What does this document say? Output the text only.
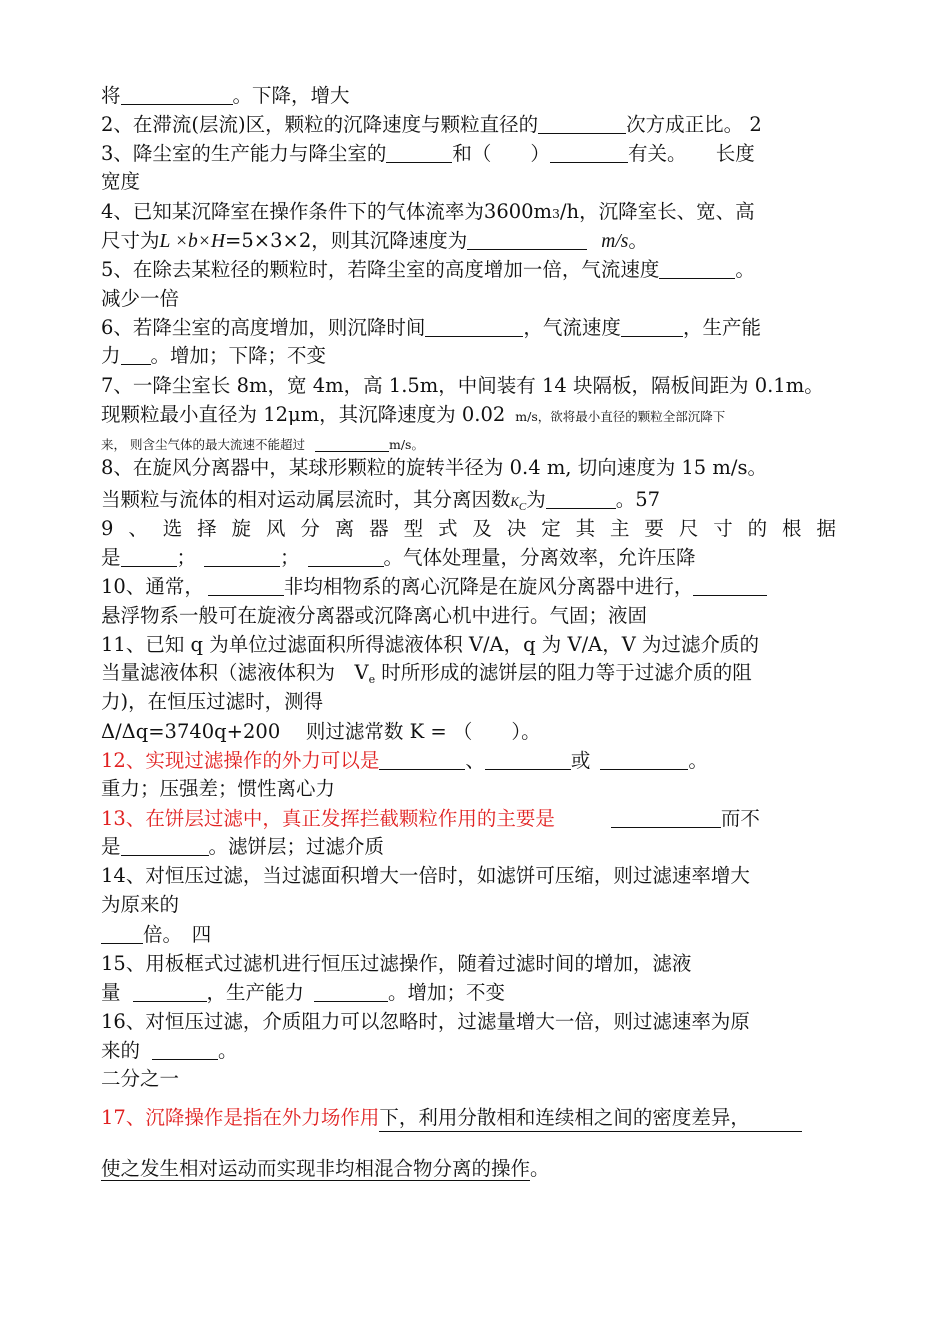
将	。下降，增大
2、在滞流(层流)区，颗粒的沉降速度与颗粒直径的	次方成正比。 2
3、降尘室的生产能力与降尘室的	和（　　）	有关。　　长度
宽度
4、已知某沉降室在操作条件下的气体流率为3600m3/h，沉降室长、宽、高
尺寸为L ×b×H=5×3×2，则其沉降速度为	m/s。
5、在除去某粒径的颗粒时，若降尘室的高度增加一倍，气流速度	。
减少一倍
6、若降尘室的高度增加，则沉降时间	，气流速度	，生产能
力 。增加；下降；不变
7、一降尘室长 8m，宽 4m，高 1.5m，中间装有 14 块隔板，隔板间距为 0.1m。
现颗粒最小直径为 12μm，其沉降速度为 0.02 m/s，欲将最小直径的颗粒全部沉降下
来， 则含尘气体的最大流速不能超过	m/s。
8、在旋风分离器中，某球形颗粒的旋转半径为 0.4 m, 切向速度为 15 m/s。
当颗粒与流体的相对运动属层流时，其分离因数$K_C$为	。57
9 、 选 择 旋 风 分 离 器 型 式 及 决 定 其 主 要 尺 寸 的 根 据
是	；	；	。气体处理量，分离效率，允许压降
10、通常，	非均相物系的离心沉降是在旋风分离器中进行，
悬浮物系一般可在旋液分离器或沉降离心机中进行。气固；液固
11、已知 q 为单位过滤面积所得滤液体积 V/A，q 为 V/A，V 为过滤介质的
当量滤液体积（滤液体积为　$V_e$ 时所形成的滤饼层的阻力等于过滤介质的阻
力)，在恒压过滤时，测得
Δ/Δq=3740q+200　 则过滤常数 K = （　　）。
12、实现过滤操作的外力可以是	、	或	。
重力；压强差；惯性离心力
13、在饼层过滤中，真正发挥拦截颗粒作用的主要是	而不
是	。滤饼层；过滤介质
14、对恒压过滤，当过滤面积增大一倍时，如滤饼可压缩，则过滤速率增大
为原来的
倍。　四
15、用板框式过滤机进行恒压过滤操作，随着过滤时间的增加，滤液
量	，生产能力	。增加；不变
16、对恒压过滤，介质阻力可以忽略时，过滤量增大一倍，则过滤速率为原
来的	。
二分之一
17、沉降操作是指在外力场作用下，利用分散相和连续相之间的密度差异，
使之发生相对运动而实现非均相混合物分离的操作。
